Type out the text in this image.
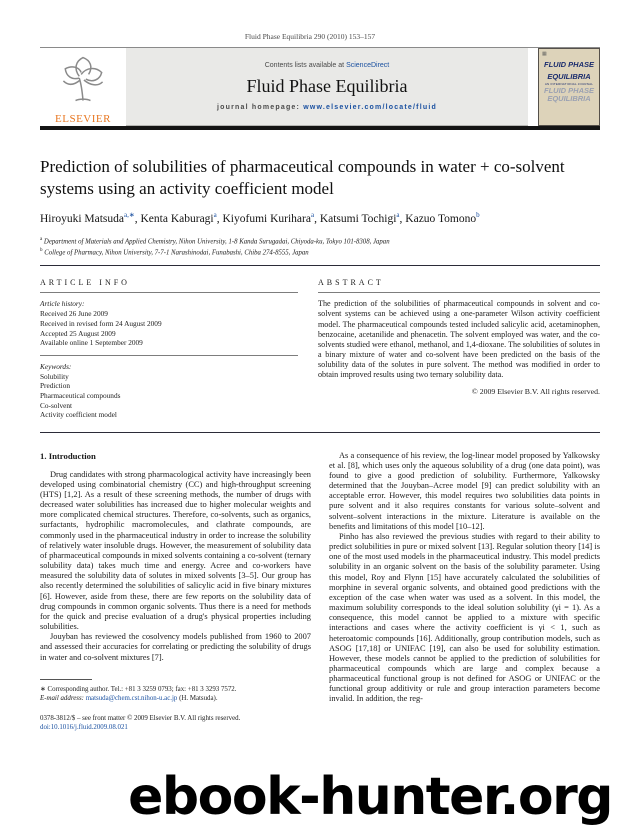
Fluid Phase Equilibria 290 (2010) 153–157
ELSEVIER
Contents lists available at ScienceDirect
Fluid Phase Equilibria
journal homepage: www.elsevier.com/locate/fluid
▦
FLUID PHASE
EQUILIBRIA
AN INTERNATIONAL JOURNAL
FLUID PHASE
EQUILIBRIA
Prediction of solubilities of pharmaceutical compounds in water + co-solvent systems using an activity coefficient model
Hiroyuki Matsuda$^{a,∗}$, Kenta Kaburagi$^a$, Kiyofumi Kurihara$^a$, Katsumi Tochigi$^a$, Kazuo Tomono$^b$
$^a$ Department of Materials and Applied Chemistry, Nihon University, 1-8 Kanda Surugadai, Chiyoda-ku, Tokyo 101-8308, Japan
$^b$ College of Pharmacy, Nihon University, 7-7-1 Narashinodai, Funabashi, Chiba 274-8555, Japan
ARTICLE INFO
Article history:
Received 26 June 2009
Received in revised form 24 August 2009
Accepted 25 August 2009
Available online 1 September 2009
Keywords:
Solubility
Prediction
Pharmaceutical compounds
Co-solvent
Activity coefficient model
ABSTRACT
The prediction of the solubilities of pharmaceutical compounds in solvent and co-solvent systems can be achieved using a one-parameter Wilson activity coefficient model. The pharmaceutical compounds tested included salicylic acid, acetaminophen, benzocaine, acetanilide and phenacetin. The solvent employed was water, and the co-solvents studied were ethanol, methanol, and 1,4-dioxane. The solubilities of solutes in a binary mixture of water and co-solvent have been predicted on the basis of the solubility data of the solutes in pure solvent. The method was modified in order to obtain improved results using two ternary solubility data.
© 2009 Elsevier B.V. All rights reserved.
1. Introduction

Drug candidates with strong pharmacological activity have increasingly been developed using combinatorial chemistry (CC) and high-throughput screening (HTS) [1,2]. As a result of these screening methods, the number of drugs with decreased water solubilities has increased due to higher molecular weights and more complicated chemical structures. Therefore, co-solvents, such as organics, surfactants, hydrophilic macromolecules, and clathrate compounds, are commonly used in the pharmaceutical industry in order to increase the solubility of relatively water insoluble drugs. However, the measurement of solubility data of pharmaceutical compounds in mixed solvents containing a co-solvent (ternary solubility data) takes much time and energy. Acree and co-workers have measured the solubility data of solutes in mixed solvents [3–5]. Our group has also recently determined the solubilities of salicylic acid in five binary mixtures [6]. However, aside from these, there are few reports on the solubility data of drug compounds in common organic solvents. Thus there is a need for methods for the quick and precise evaluation of a drug's physical properties including solubilities.

Jouyban has reviewed the cosolvency models published from 1960 to 2007 and assessed their accuracies for correlating or predicting the solubility of drugs in water and co-solvent mixtures [7].

∗ Corresponding author. Tel.: +81 3 3259 0793; fax: +81 3 3293 7572.
E-mail address: matsuda@chem.cst.nihon-u.ac.jp (H. Matsuda).
0378-3812/$ – see front matter © 2009 Elsevier B.V. All rights reserved.
doi:10.1016/j.fluid.2009.08.021

As a consequence of his review, the log-linear model proposed by Yalkowsky et al. [8], which uses only the aqueous solubility of a drug (one data point), was found to give a good prediction of solubility. Furthermore, Yalkowsky determined that the Jouyban–Acree model [9] can predict solubility with an acceptable error. However, this model requires two solubilities data points in pure solvent and it also requires constants for various solute–solvent and solvent–solvent interactions in the mixture. Literature is available on the benefits and limitations of this model [10–12].

Pinho has also reviewed the previous studies with regard to their ability to predict solubilities in pure or mixed solvent [13]. Regular solution theory [14] is one of the most used models in the pharmaceutical industry. This model predicts solubility in an organic solvent on the basis of the solubility parameter. Using this model, Roy and Flynn [15] have accurately calculated the solubilities of morphine in several organic solvents, and obtained good predictions with the exception of the case when water was used as a solvent. In this model, the maximum solubility corresponds to the ideal solution solubility (γi = 1). As a consequence, this model cannot be applied to a mixture with specific interactions and cases where the activity coefficient is γi < 1, such as heteroatomic compounds [16]. Additionally, group contribution models, such as ASOG [17,18] or UNIFAC [19], can also be used for solubility estimation. However, these models cannot be applied to the prediction of solubilities for pharmaceutical compounds which are large and complex because a pharmaceutical functional group is not defined for ASOG or UNIFAC or the functional group additivity or rule and group interaction parameters become invalid. In addition, the reg-

ebook-hunter.org
